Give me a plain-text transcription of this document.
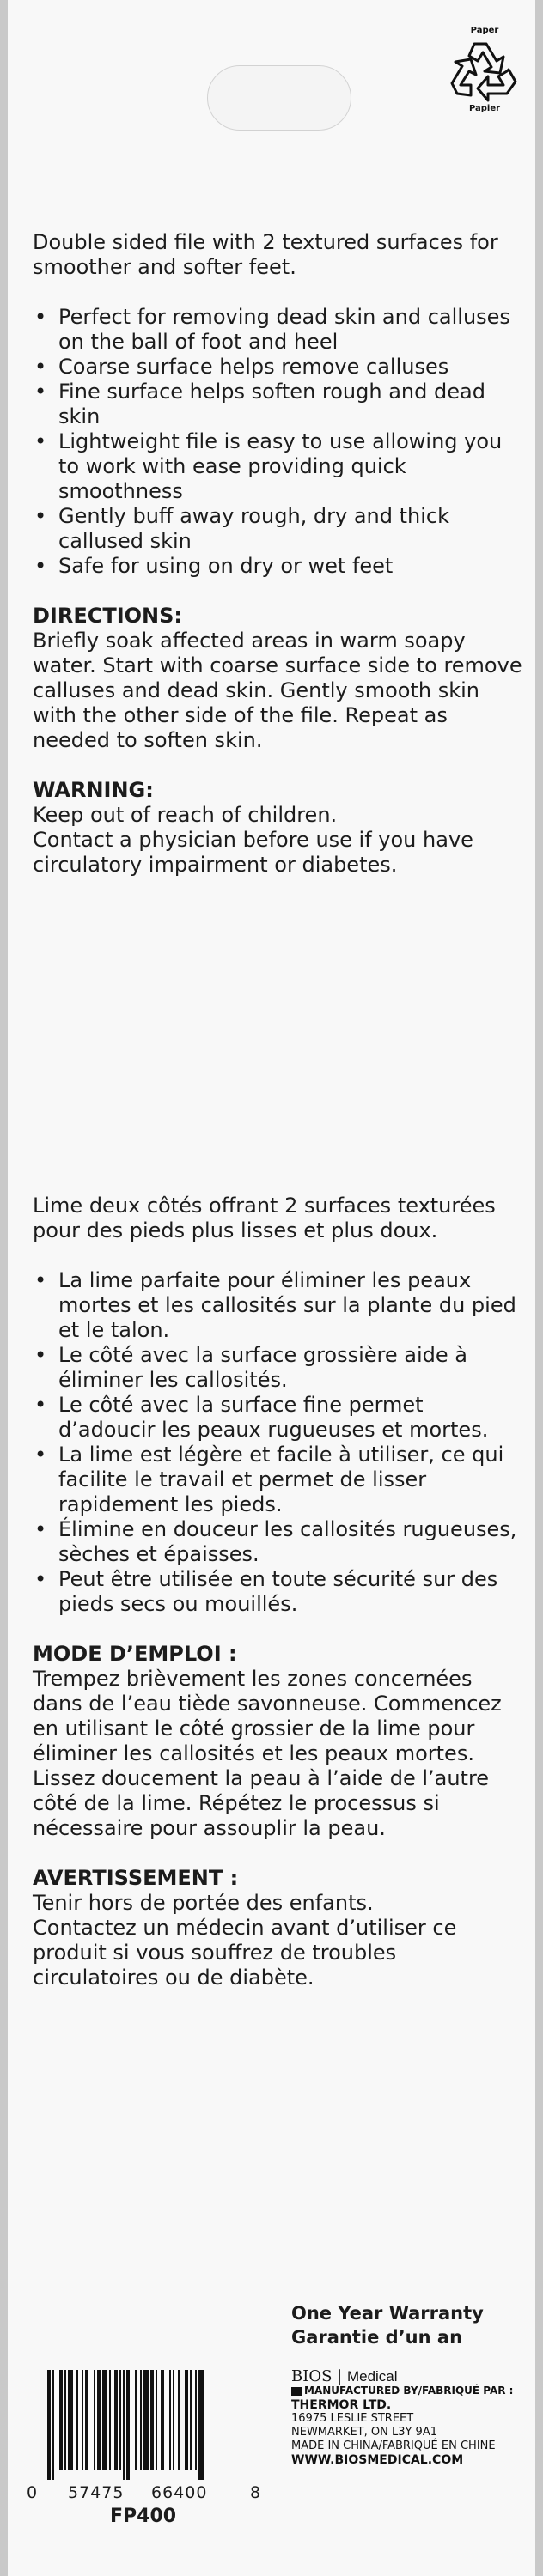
Paper
Papier

Double sided file with 2 textured surfaces for smoother and softer feet.

• Perfect for removing dead skin and calluses on the ball of foot and heel
• Coarse surface helps remove calluses
• Fine surface helps soften rough and dead skin
• Lightweight file is easy to use allowing you to work with ease providing quick smoothness
• Gently buff away rough, dry and thick callused skin
• Safe for using on dry or wet feet

DIRECTIONS:

Briefly soak affected areas in warm soapy water. Start with coarse surface side to remove calluses and dead skin. Gently smooth skin with the other side of the file. Repeat as needed to soften skin.

WARNING:

Keep out of reach of children.

Contact a physician before use if you have circulatory impairment or diabetes.

Lime deux côtés offrant 2 surfaces texturées pour des pieds plus lisses et plus doux.

• La lime parfaite pour éliminer les peaux mortes et les callosités sur la plante du pied et le talon.
• Le côté avec la surface grossière aide à éliminer les callosités.
• Le côté avec la surface fine permet d’adoucir les peaux rugueuses et mortes.
• La lime est légère et facile à utiliser, ce qui facilite le travail et permet de lisser rapidement les pieds.
• Élimine en douceur les callosités rugueuses, sèches et épaisses.
• Peut être utilisée en toute sécurité sur des pieds secs ou mouillés.

MODE D’EMPLOI :

Trempez brièvement les zones concernées dans de l’eau tiède savonneuse. Commencez en utilisant le côté grossier de la lime pour éliminer les callosités et les peaux mortes. Lissez doucement la peau à l’aide de l’autre côté de la lime. Répétez le processus si nécessaire pour assouplir la peau.

AVERTISSEMENT :

Tenir hors de portée des enfants.

Contactez un médecin avant d’utiliser ce produit si vous souffrez de troubles circulatoires ou de diabète.

0 57475 66400	8
FP400
One Year Warranty
Garantie d’un an
BIOS | Medical
MANUFACTURED BY/FABRIQUÉ PAR :
THERMOR LTD.
16975 LESLIE STREET
NEWMARKET, ON L3Y 9A1
MADE IN CHINA/FABRIQUÉ EN CHINE
WWW.BIOSMEDICAL.COM
